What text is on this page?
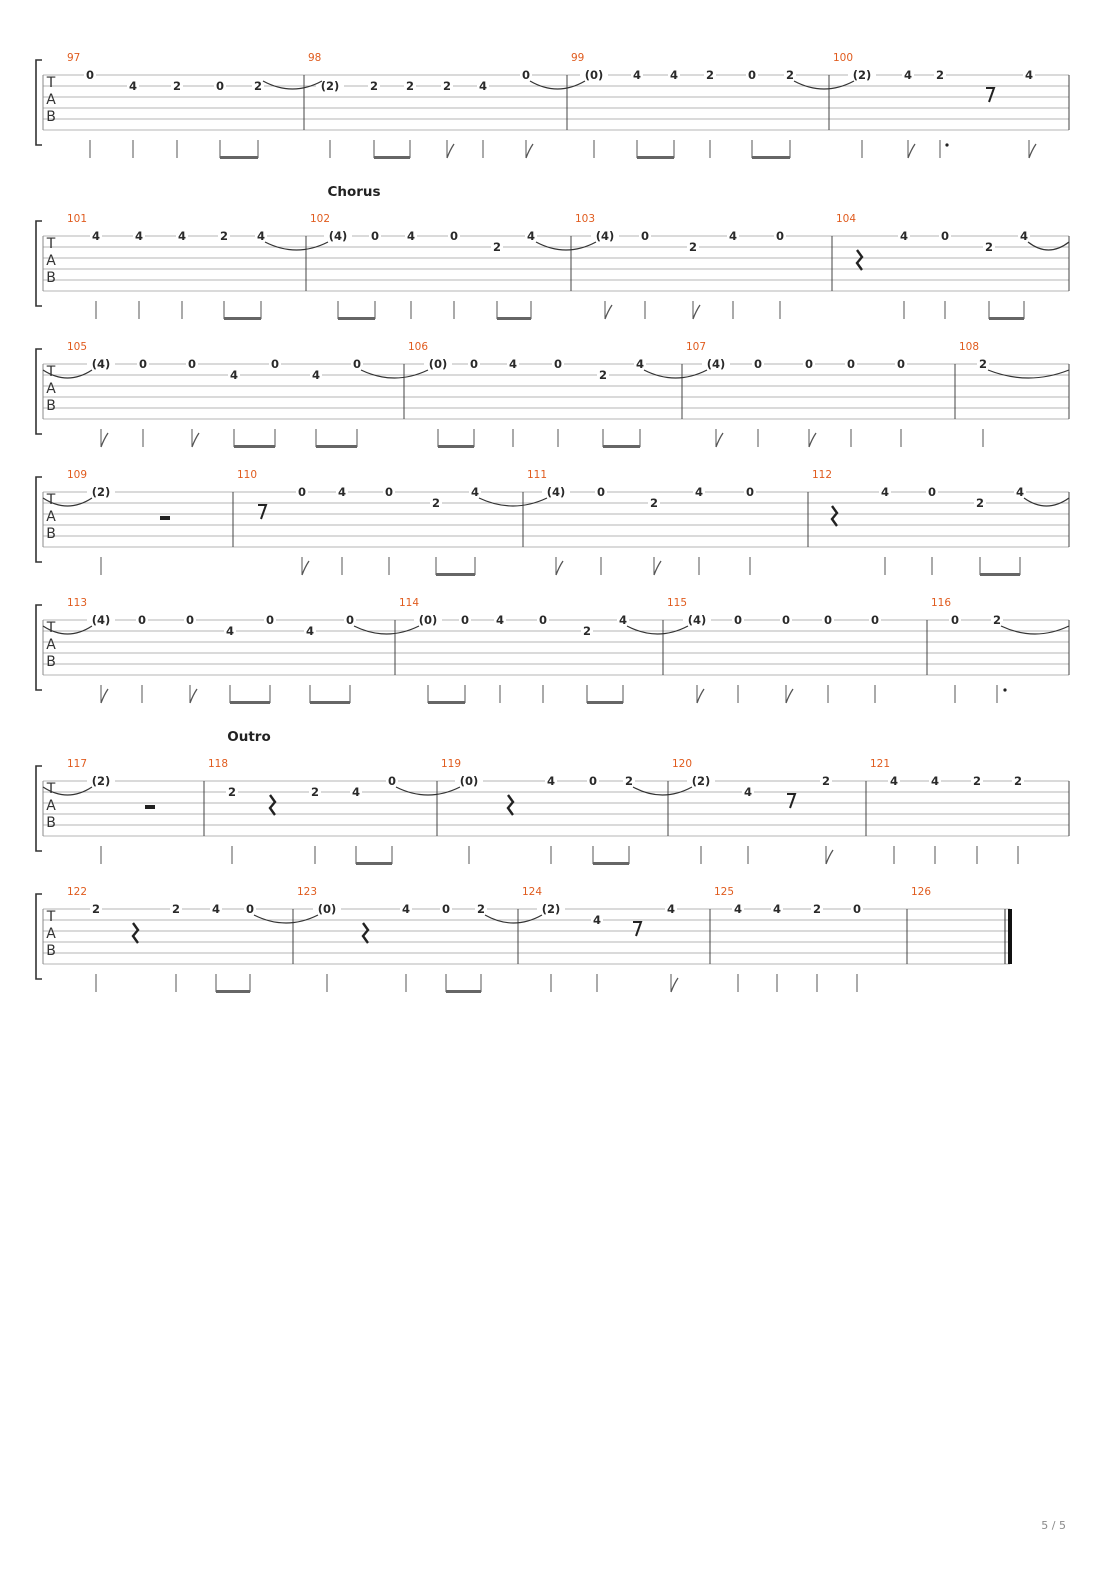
T
A
B
97
0
4	2	0	2
98
(2)	2 2	2 4
0
99
(0)	4	4 2	0	2
100
(2)	4 2	4
T
A
B
Chorus
101
4	4	4	2	4
102
(4) 0 4	0
2
4
103
(4) 0
2
4	0
104
4	0
2
4
T
A
B
105
(4) 0	0
4
0
4
0
106
(0) 0	4	0
2
4
107
(4) 0	0	0	0
108
2
T
A
B
109
(2)
110
0	4	0
2
4
111
(4)	0
2
4	0
112
4	0
2
4
T
A
B
113
(4) 0	0
4
0
4
0
114
(0) 0 4	0
2
4
115
(4) 0	0	0	0
116
0	2
T
A
B
Outro
117
(2)
118
2	2	4
0
119
(0)	4	0 2
120
(2)
4
2
121
4	4	2	2
T
A
B
122
2	2	4 0
123
(0)	4	0 2
124
(2)
4
4
125
4	4	2	0
126
5 / 5
